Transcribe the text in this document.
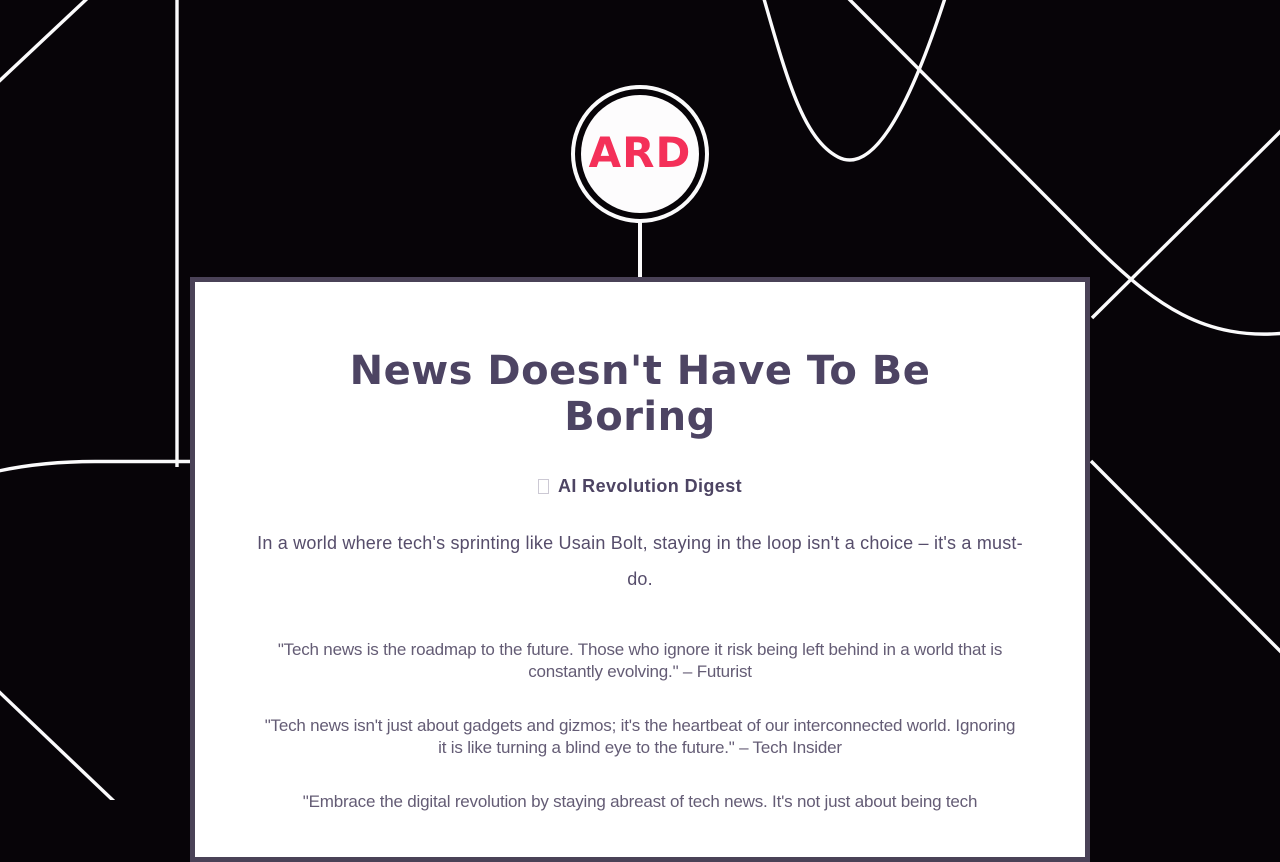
ARD
News Doesn't Have To Be
Boring
AI Revolution Digest

In a world where tech's sprinting like Usain Bolt, staying in the loop isn't a choice – it's a must-do.

"Tech news is the roadmap to the future. Those who ignore it risk being left behind in a world that is constantly evolving." – Futurist

"Tech news isn't just about gadgets and gizmos; it's the heartbeat of our interconnected world. Ignoring it is like turning a blind eye to the future." – Tech Insider

"Embrace the digital revolution by staying abreast of tech news. It's not just about being tech
